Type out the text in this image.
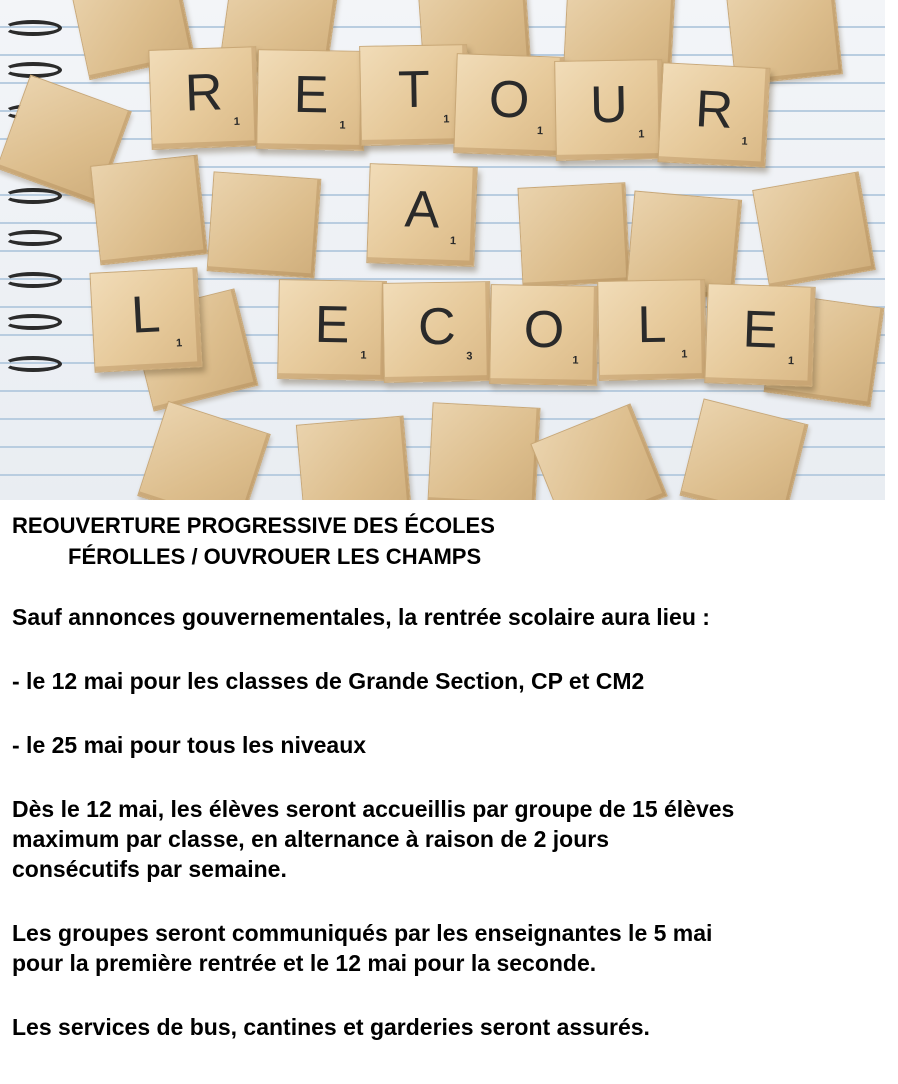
R 1	E
1
T
1 O
1 U
1 R
1
A
1
L	1	E
1 C
3 O
1
L
1	E
1

REOUVERTURE PROGRESSIVE DES ÉCOLES

FÉROLLES / OUVROUER LES CHAMPS

Sauf annonces gouvernementales, la rentrée scolaire aura lieu :

- le 12 mai pour les classes de Grande Section, CP et CM2

- le 25 mai pour tous les niveaux

Dès le 12 mai, les élèves seront accueillis par groupe de 15 élèves

maximum par classe, en alternance à raison de 2 jours

consécutifs par semaine.

Les groupes seront communiqués par les enseignantes le 5 mai

pour la première rentrée et le 12 mai pour la seconde.

Les services de bus, cantines et garderies seront assurés.
